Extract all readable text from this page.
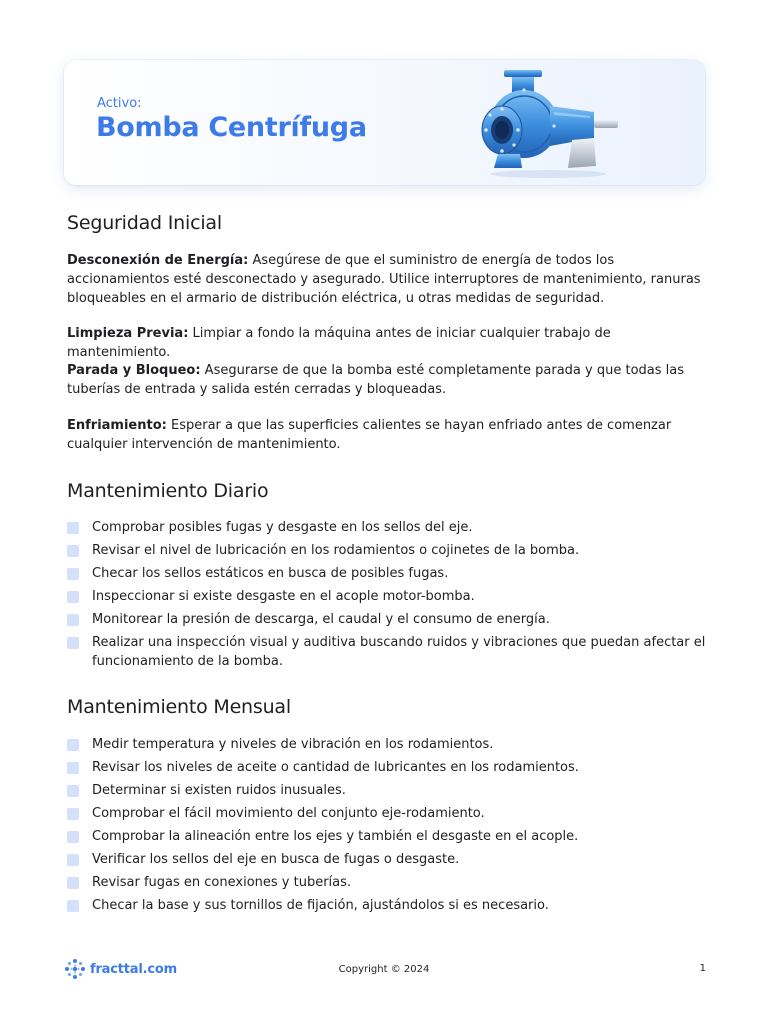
Activo:
Bomba Centrífuga
Seguridad Inicial

Desconexión de Energía: Asegúrese de que el suministro de energía de todos los accionamientos esté desconectado y asegurado. Utilice interruptores de mantenimiento, ranuras bloqueables en el armario de distribución eléctrica, u otras medidas de seguridad.

Limpieza Previa: Limpiar a fondo la máquina antes de iniciar cualquier trabajo de mantenimiento.

Parada y Bloqueo: Asegurarse de que la bomba esté completamente parada y que todas las tuberías de entrada y salida estén cerradas y bloqueadas.

Enfriamiento: Esperar a que las superficies calientes se hayan enfriado antes de comenzar cualquier intervención de mantenimiento.

Mantenimiento Diario
Comprobar posibles fugas y desgaste en los sellos del eje.
Revisar el nivel de lubricación en los rodamientos o cojinetes de la bomba.
Checar los sellos estáticos en busca de posibles fugas.
Inspeccionar si existe desgaste en el acople motor-bomba.
Monitorear la presión de descarga, el caudal y el consumo de energía.
Realizar una inspección visual y auditiva buscando ruidos y vibraciones que puedan afectar el funcionamiento de la bomba.
Mantenimiento Mensual
Medir temperatura y niveles de vibración en los rodamientos.
Revisar los niveles de aceite o cantidad de lubricantes en los rodamientos.
Determinar si existen ruidos inusuales.
Comprobar el fácil movimiento del conjunto eje-rodamiento.
Comprobar la alineación entre los ejes y también el desgaste en el acople.
Verificar los sellos del eje en busca de fugas o desgaste.
Revisar fugas en conexiones y tuberías.
Checar la base y sus tornillos de fijación, ajustándolos si es necesario.
fracttal.com	Copyright © 2024	1
